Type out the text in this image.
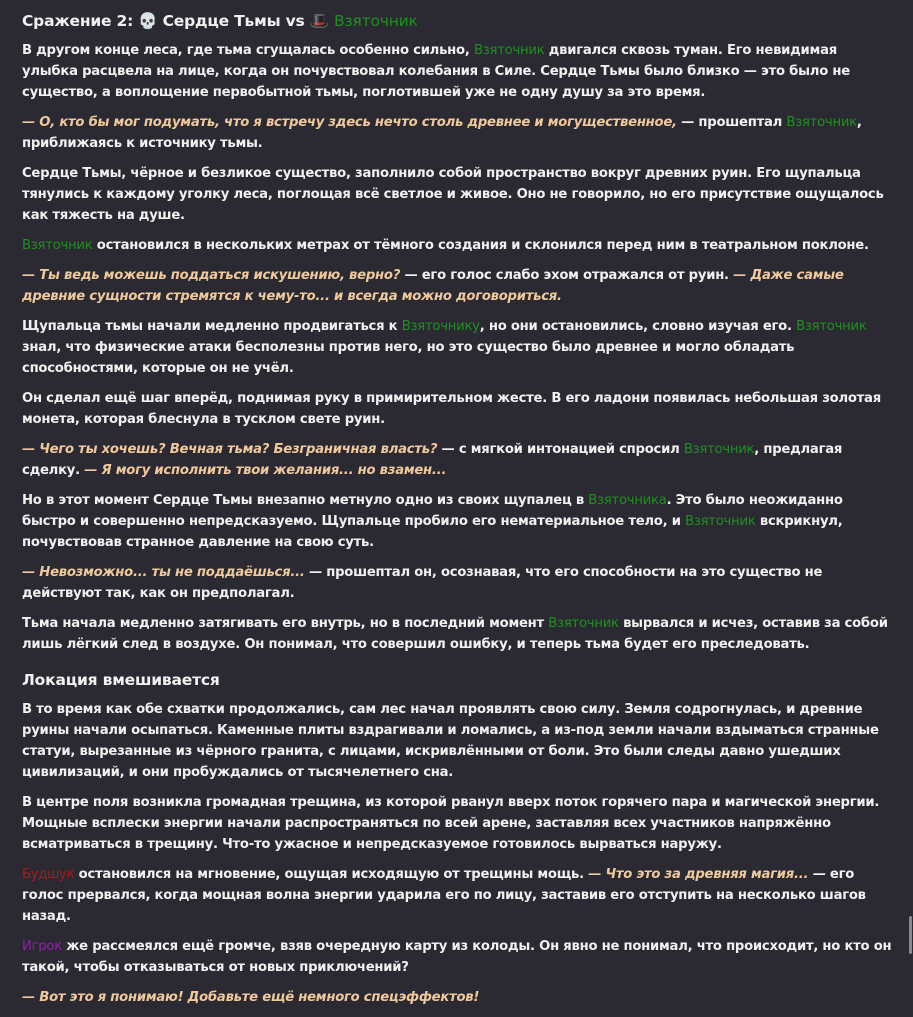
Сражение 2: 💀 Сердце Тьмы vs 🎩 Взяточник

В другом конце леса, где тьма сгущалась особенно сильно, Взяточник двигался сквозь туман. Его невидимая улыбка расцвела на лице, когда он почувствовал колебания в Силе. Сердце Тьмы было близко — это было не существо, а воплощение первобытной тьмы, поглотившей уже не одну душу за это время.

— О, кто бы мог подумать, что я встречу здесь нечто столь древнее и могущественное, — прошептал Взяточник, приближаясь к источнику тьмы.

Сердце Тьмы, чёрное и безликое существо, заполнило собой пространство вокруг древних руин. Его щупальца тянулись к каждому уголку леса, поглощая всё светлое и живое. Оно не говорило, но его присутствие ощущалось как тяжесть на душе.

Взяточник остановился в нескольких метрах от тёмного создания и склонился перед ним в театральном поклоне.

— Ты ведь можешь поддаться искушению, верно? — его голос слабо эхом отражался от руин. — Даже самые древние сущности стремятся к чему-то... и всегда можно договориться.

Щупальца тьмы начали медленно продвигаться к Взяточнику, но они остановились, словно изучая его. Взяточник знал, что физические атаки бесполезны против него, но это существо было древнее и могло обладать способностями, которые он не учёл.

Он сделал ещё шаг вперёд, поднимая руку в примирительном жесте. В его ладони появилась небольшая золотая монета, которая блеснула в тусклом свете руин.

— Чего ты хочешь? Вечная тьма? Безграничная власть? — с мягкой интонацией спросил Взяточник, предлагая сделку. — Я могу исполнить твои желания... но взамен...

Но в этот момент Сердце Тьмы внезапно метнуло одно из своих щупалец в Взяточника. Это было неожиданно быстро и совершенно непредсказуемо. Щупальце пробило его нематериальное тело, и Взяточник вскрикнул, почувствовав странное давление на свою суть.

— Невозможно... ты не поддаёшься... — прошептал он, осознавая, что его способности на это существо не действуют так, как он предполагал.

Тьма начала медленно затягивать его внутрь, но в последний момент Взяточник вырвался и исчез, оставив за собой лишь лёгкий след в воздухе. Он понимал, что совершил ошибку, и теперь тьма будет его преследовать.

Локация вмешивается

В то время как обе схватки продолжались, сам лес начал проявлять свою силу. Земля содрогнулась, и древние руины начали осыпаться. Каменные плиты вздрагивали и ломались, а из-под земли начали вздыматься странные статуи, вырезанные из чёрного гранита, с лицами, искривлёнными от боли. Это были следы давно ушедших цивилизаций, и они пробуждались от тысячелетнего сна.

В центре поля возникла громадная трещина, из которой рванул вверх поток горячего пара и магической энергии. Мощные всплески энергии начали распространяться по всей арене, заставляя всех участников напряжённо всматриваться в трещину. Что-то ужасное и непредсказуемое готовилось вырваться наружу.

Будшук остановился на мгновение, ощущая исходящую от трещины мощь. — Что это за древняя магия... — его голос прервался, когда мощная волна энергии ударила его по лицу, заставив его отступить на несколько шагов назад.

Игрок же рассмеялся ещё громче, взяв очередную карту из колоды. Он явно не понимал, что происходит, но кто он такой, чтобы отказываться от новых приключений?

— Вот это я понимаю! Добавьте ещё немного спецэффектов!
